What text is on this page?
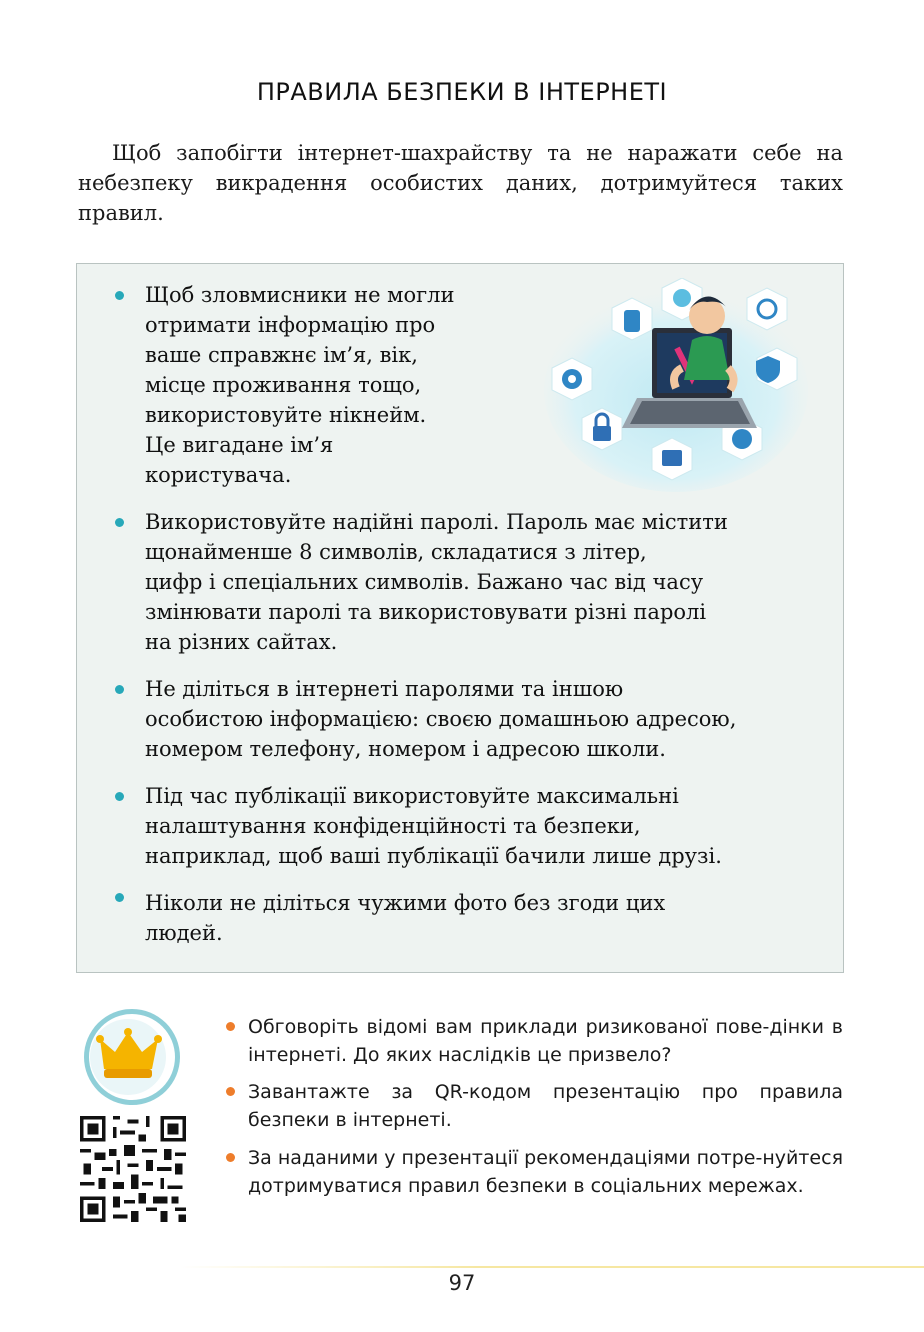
ПРАВИЛА БЕЗПЕКИ В ІНТЕРНЕТІ

Щоб запобігти інтернет-шахрайству та не наражати себе на небезпеку викрадення особистих даних, дотримуйтеся таких правил.

Щоб зловмисники не могли
отримати інформацію про
ваше справжнє ім’я, вік,
місце проживання тощо,
використовуйте нікнейм.
Це вигадане ім’я
користувача.
Використовуйте надійні паролі. Пароль має містити
щонайменше 8 символів, складатися з літер,
цифр і спеціальних символів. Бажано час від часу
змінювати паролі та використовувати різні паролі
на різних сайтах.
Не діліться в інтернеті паролями та іншою
особистою інформацією: своєю домашньою адресою,
номером телефону, номером і адресою школи.
Під час публікації використовуйте максимальні
налаштування конфіденційності та безпеки,
наприклад, щоб ваші публікації бачили лише друзі.
Ніколи не діліться чужими фото без згоди цих
людей.
Обговоріть відомі вам приклади ризикованої пове-дінки в інтернеті. До яких наслідків це призвело?
Завантажте за QR-кодом презентацію про правила безпеки в інтернеті.
За наданими у презентації рекомендаціями потре-нуйтеся дотримуватися правил безпеки в соціальних мережах.
97
